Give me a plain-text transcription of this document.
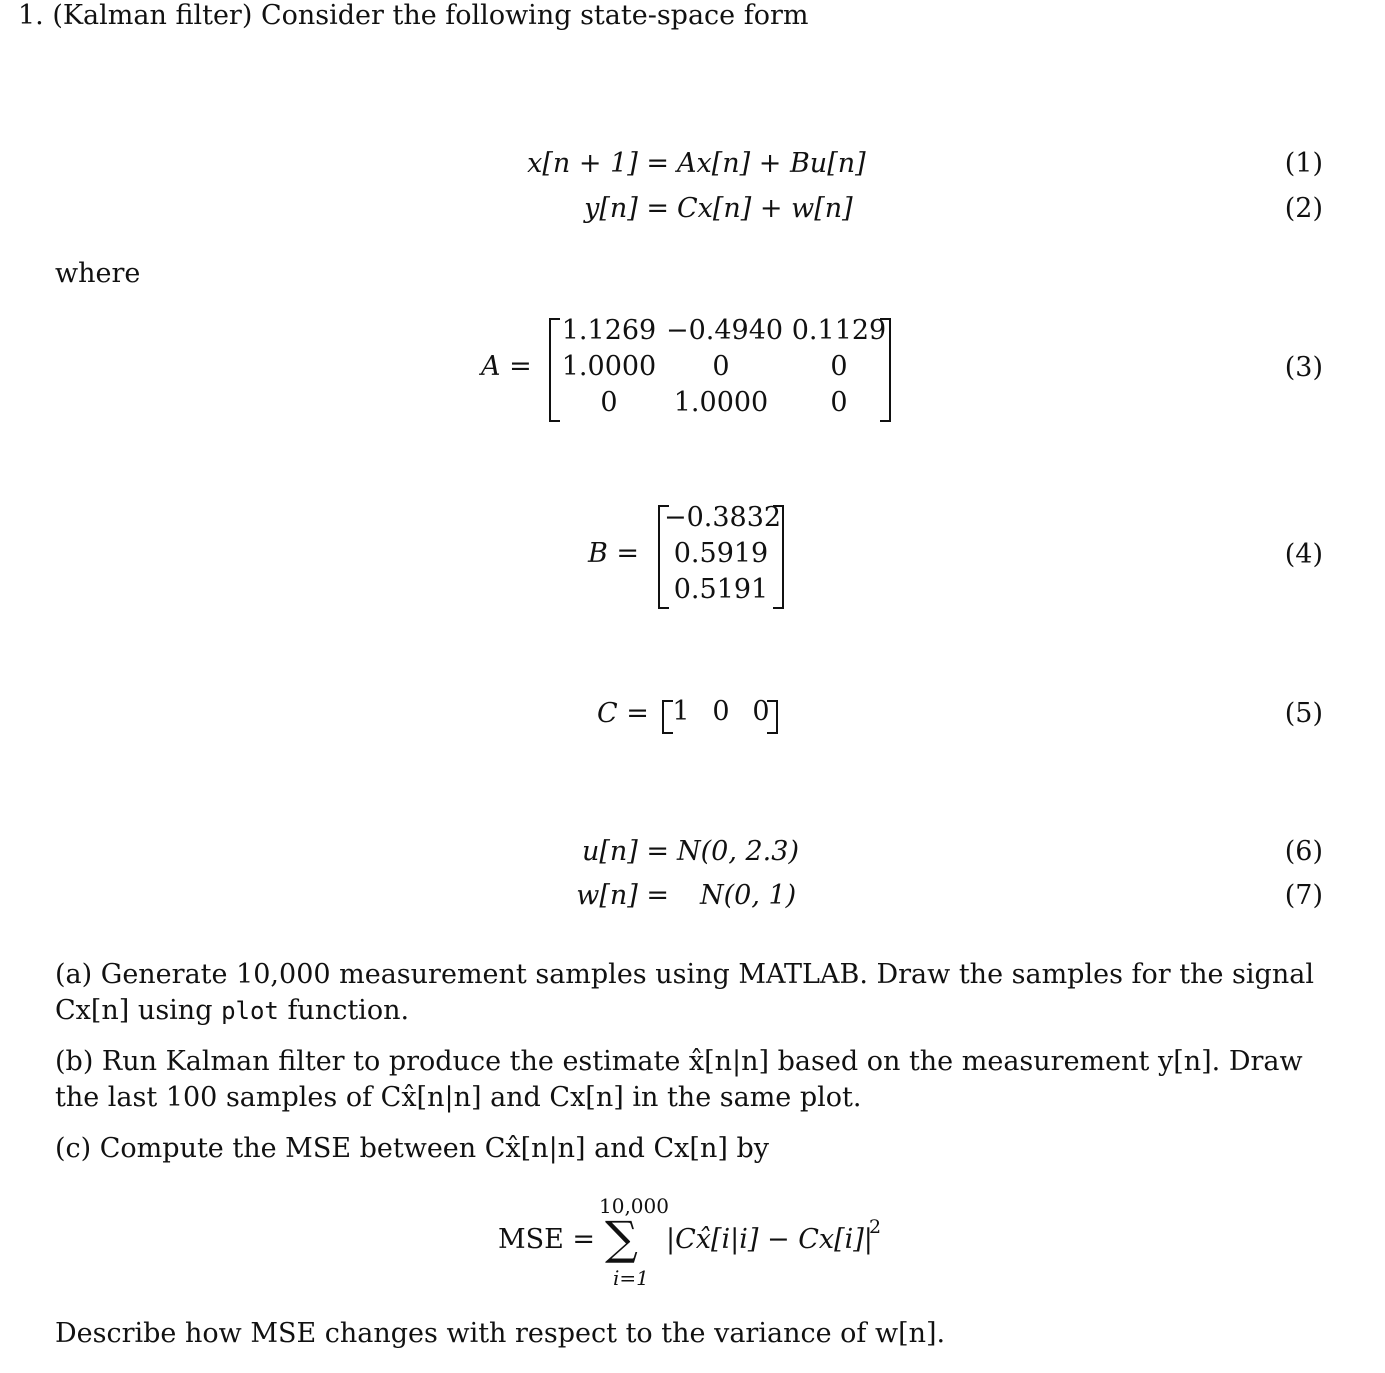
1. (Kalman filter) Consider the following state-space form
x[n + 1] = Ax[n] + Bu[n]	(1)
y[n] = Cx[n] + w[n]	(2)
where
A =
1.1269 −0.4940 0.1129
1.0000	0	0
0	1.0000	0
(3)
B =
−0.3832
0.5919
0.5191
(4)
C = 1 0 0	(5)
u[n] = N(0, 2.3)	(6)
w[n] = N(0, 1)	(7)

(a) Generate 10,000 measurement samples using MATLAB. Draw the samples for the signal Cx[n] using plot function.

(b) Run Kalman filter to produce the estimate x̂[n|n] based on the measurement y[n]. Draw the last 100 samples of Cx̂[n|n] and Cx[n] in the same plot.

(c) Compute the MSE between Cx̂[n|n] and Cx[n] by

MSE =
10,000
∑
i=1
|Cx̂[i|i] − Cx[i]|
2

Describe how MSE changes with respect to the variance of w[n].
